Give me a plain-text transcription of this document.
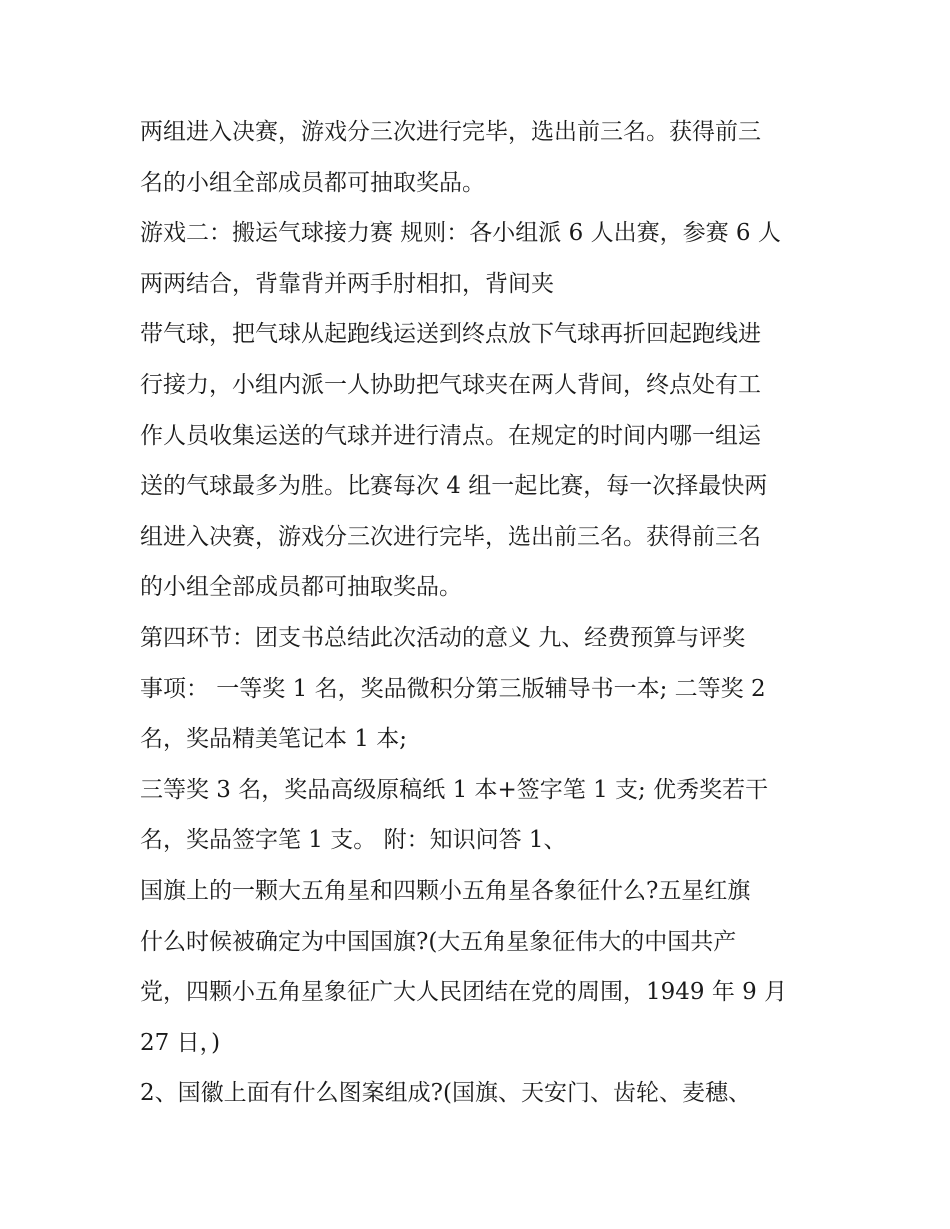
两组进入决赛，游戏分三次进行完毕，选出前三名。获得前三
名的小组全部成员都可抽取奖品。
游戏二：搬运气球接力赛 规则：各小组派 6 人出赛，参赛 6 人
两两结合，背靠背并两手肘相扣，背间夹
带气球，把气球从起跑线运送到终点放下气球再折回起跑线进
行接力，小组内派一人协助把气球夹在两人背间，终点处有工
作人员收集运送的气球并进行清点。在规定的时间内哪一组运
送的气球最多为胜。比赛每次 4 组一起比赛，每一次择最快两
组进入决赛，游戏分三次进行完毕，选出前三名。获得前三名
的小组全部成员都可抽取奖品。
第四环节：团支书总结此次活动的意义 九、经费预算与评奖
事项： 一等奖 1 名，奖品微积分第三版辅导书一本; 二等奖 2
名，奖品精美笔记本 1 本;
三等奖 3 名，奖品高级原稿纸 1 本+签字笔 1 支; 优秀奖若干
名，奖品签字笔 1 支。 附：知识问答 1、
国旗上的一颗大五角星和四颗小五角星各象征什么?五星红旗
什么时候被确定为中国国旗?(大五角星象征伟大的中国共产
党，四颗小五角星象征广大人民团结在党的周围，1949 年 9 月
27 日，)
2、国徽上面有什么图案组成?(国旗、天安门、齿轮、麦穗、
